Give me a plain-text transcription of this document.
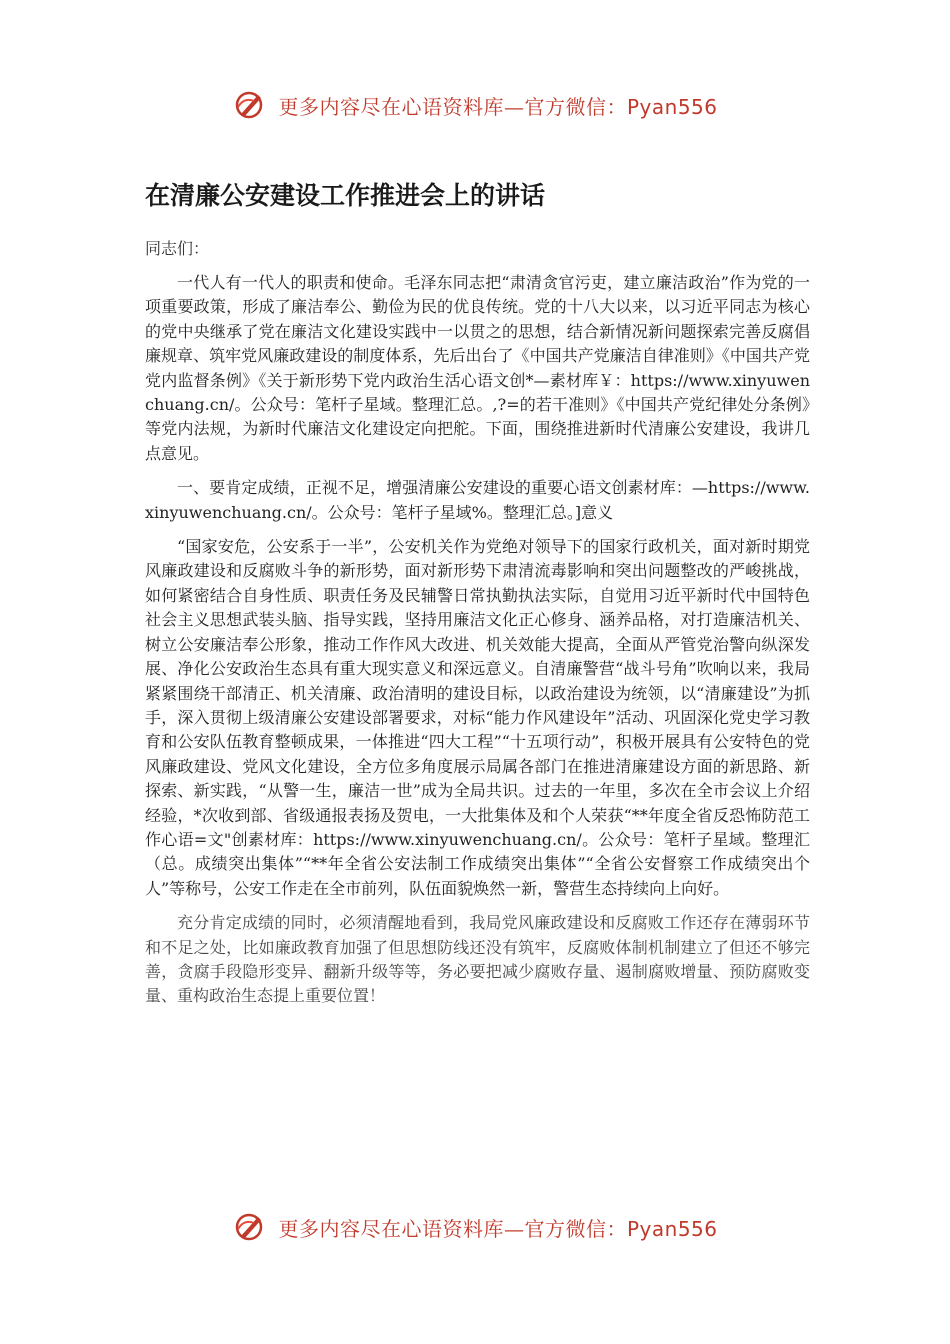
更多内容尽在心语资料库—官方微信：Pyan556
在清廉公安建设工作推进会上的讲话

同志们：

一代人有一代人的职责和使命。毛泽东同志把“肃清贪官污吏，建立廉洁政治”作为党的一项重要政策，形成了廉洁奉公、勤俭为民的优良传统。党的十八大以来，以习近平同志为核心的党中央继承了党在廉洁文化建设实践中一以贯之的思想，结合新情况新问题探索完善反腐倡廉规章、筑牢党风廉政建设的制度体系，先后出台了《中国共产党廉洁自律准则》《中国共产党党内监督条例》《关于新形势下党内政治生活心语文创*—素材库￥：https://www.xinyuwenchuang.cn/。公众号：笔杆子星域。整理汇总。,?=的若干准则》《中国共产党纪律处分条例》等党内法规，为新时代廉洁文化建设定向把舵。下面，围绕推进新时代清廉公安建设，我讲几点意见。

一、要肯定成绩，正视不足，增强清廉公安建设的重要心语文创素材库：—https://www.xinyuwenchuang.cn/。公众号：笔杆子星域%。整理汇总。]意义

“国家安危，公安系于一半”，公安机关作为党绝对领导下的国家行政机关，面对新时期党风廉政建设和反腐败斗争的新形势，面对新形势下肃清流毒影响和突出问题整改的严峻挑战，如何紧密结合自身性质、职责任务及民辅警日常执勤执法实际，自觉用习近平新时代中国特色社会主义思想武装头脑、指导实践，坚持用廉洁文化正心修身、涵养品格，对打造廉洁机关、树立公安廉洁奉公形象，推动工作作风大改进、机关效能大提高，全面从严管党治警向纵深发展、净化公安政治生态具有重大现实意义和深远意义。自清廉警营“战斗号角”吹响以来，我局紧紧围绕干部清正、机关清廉、政治清明的建设目标，以政治建设为统领，以“清廉建设”为抓手，深入贯彻上级清廉公安建设部署要求，对标“能力作风建设年”活动、巩固深化党史学习教育和公安队伍教育整顿成果，一体推进“四大工程”“十五项行动”，积极开展具有公安特色的党风廉政建设、党风文化建设，全方位多角度展示局属各部门在推进清廉建设方面的新思路、新探索、新实践，“从警一生，廉洁一世”成为全局共识。过去的一年里，多次在全市会议上介绍经验，*次收到部、省级通报表扬及贺电，一大批集体及和个人荣获“**年度全省反恐怖防范工作心语=文"创素材库：https://www.xinyuwenchuang.cn/。公众号：笔杆子星域。整理汇（总。成绩突出集体”“**年全省公安法制工作成绩突出集体”“全省公安督察工作成绩突出个人”等称号，公安工作走在全市前列，队伍面貌焕然一新，警营生态持续向上向好。

充分肯定成绩的同时，必须清醒地看到，我局党风廉政建设和反腐败工作还存在薄弱环节和不足之处，比如廉政教育加强了但思想防线还没有筑牢，反腐败体制机制建立了但还不够完善，贪腐手段隐形变异、翻新升级等等，务必要把减少腐败存量、遏制腐败增量、预防腐败变量、重构政治生态提上重要位置！

更多内容尽在心语资料库—官方微信：Pyan556
